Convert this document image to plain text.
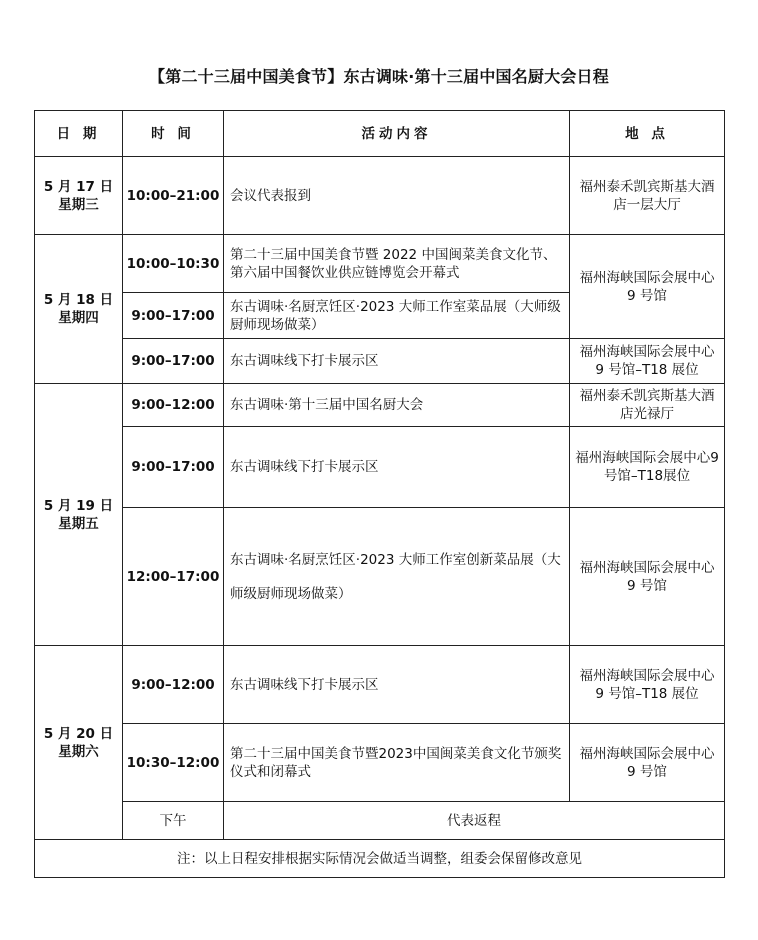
【第二十三届中国美食节】东古调味·第十三届中国名厨大会日程
日 期	时 间	活动内容	地 点

5 月 17 日
星期三	10:00–21:00	会议代表报到	福州泰禾凯宾斯基大酒店一层大厅

5 月 18 日
星期四	10:00–10:30	第二十三届中国美食节暨 2022 中国闽菜美食文化节、第六届中国餐饮业供应链博览会开幕式	福州海峡国际会展中心 9 号馆
	9:00–17:00	东古调味·名厨烹饪区·2023 大师工作室菜品展（大师级厨师现场做菜）	
	9:00–17:00	东古调味线下打卡展示区	福州海峡国际会展中心 9 号馆–T18 展位

5 月 19 日
星期五	9:00–12:00	东古调味·第十三届中国名厨大会	福州泰禾凯宾斯基大酒店光禄厅
	9:00–17:00	东古调味线下打卡展示区	福州海峡国际会展中心9号馆–T18展位
	12:00–17:00	东古调味·名厨烹饪区·2023 大师工作室创新菜品展（大师级厨师现场做菜）	福州海峡国际会展中心 9 号馆

5 月 20 日
星期六	9:00–12:00	东古调味线下打卡展示区	福州海峡国际会展中心 9 号馆–T18 展位
	10:30–12:00	第二十三届中国美食节暨2023中国闽菜美食文化节颁奖仪式和闭幕式	福州海峡国际会展中心 9 号馆
	下午	代表返程	
注：以上日程安排根据实际情况会做适当调整，组委会保留修改意见			
